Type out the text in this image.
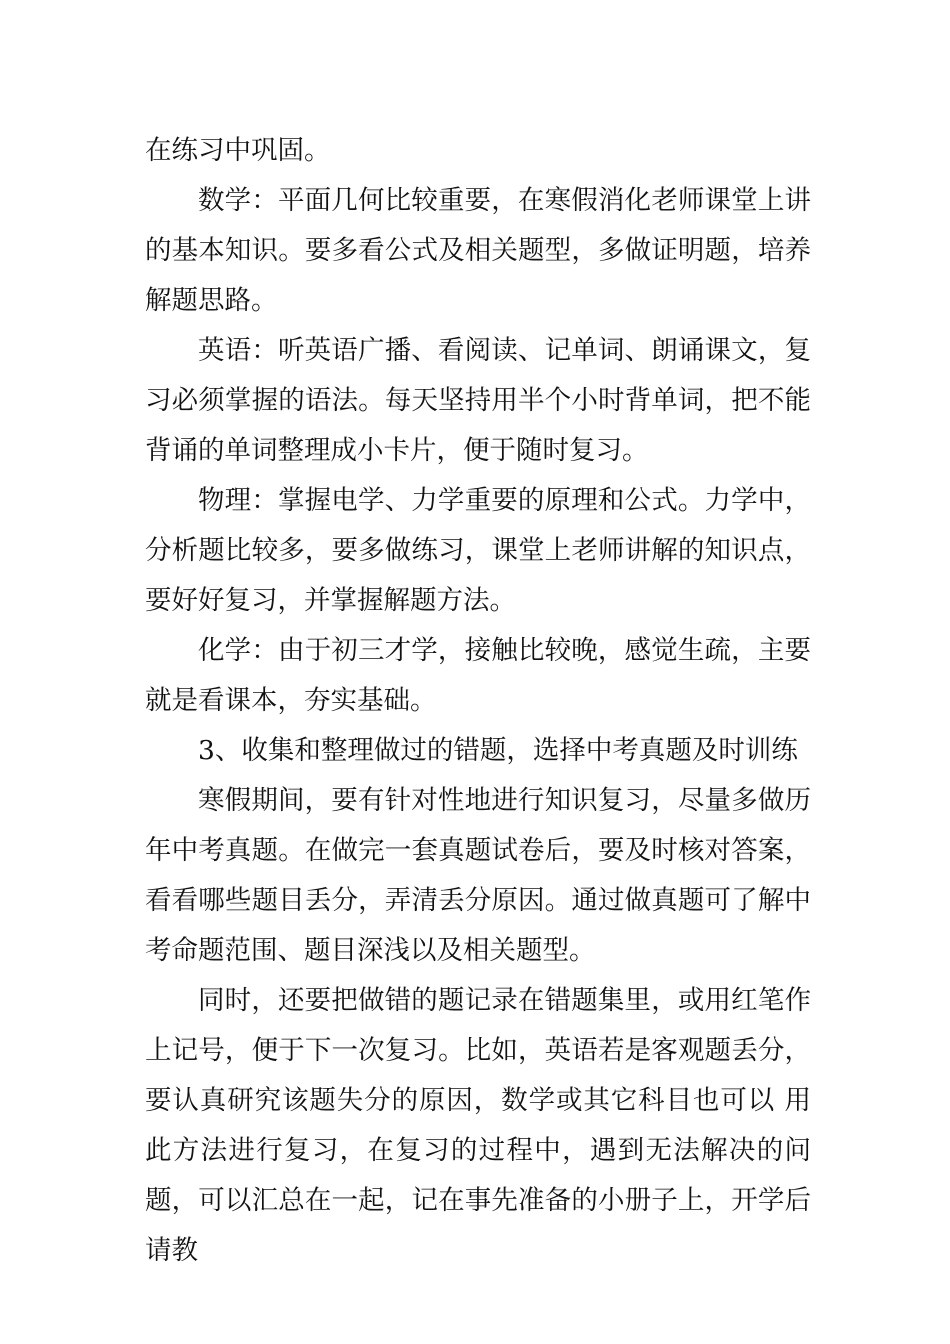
在练习中巩固。

数学：平面几何比较重要，在寒假消化老师课堂上讲的基本知识。要多看公式及相关题型，多做证明题，培养解题思路。

英语：听英语广播、看阅读、记单词、朗诵课文，复习必须掌握的语法。每天坚持用半个小时背单词，把不能背诵的单词整理成小卡片，便于随时复习。

物理：掌握电学、力学重要的原理和公式。力学中，分析题比较多，要多做练习，课堂上老师讲解的知识点，要好好复习，并掌握解题方法。

化学：由于初三才学，接触比较晚，感觉生疏，主要就是看课本，夯实基础。

3、收集和整理做过的错题，选择中考真题及时训练

寒假期间，要有针对性地进行知识复习，尽量多做历年中考真题。在做完一套真题试卷后，要及时核对答案，看看哪些题目丢分，弄清丢分原因。通过做真题可了解中考命题范围、题目深浅以及相关题型。

同时，还要把做错的题记录在错题集里，或用红笔作上记号，便于下一次复习。比如，英语若是客观题丢分，要认真研究该题失分的原因，数学或其它科目也可以 用此方法进行复习，在复习的过程中，遇到无法解决的问题，可以汇总在一起，记在事先准备的小册子上，开学后请教
